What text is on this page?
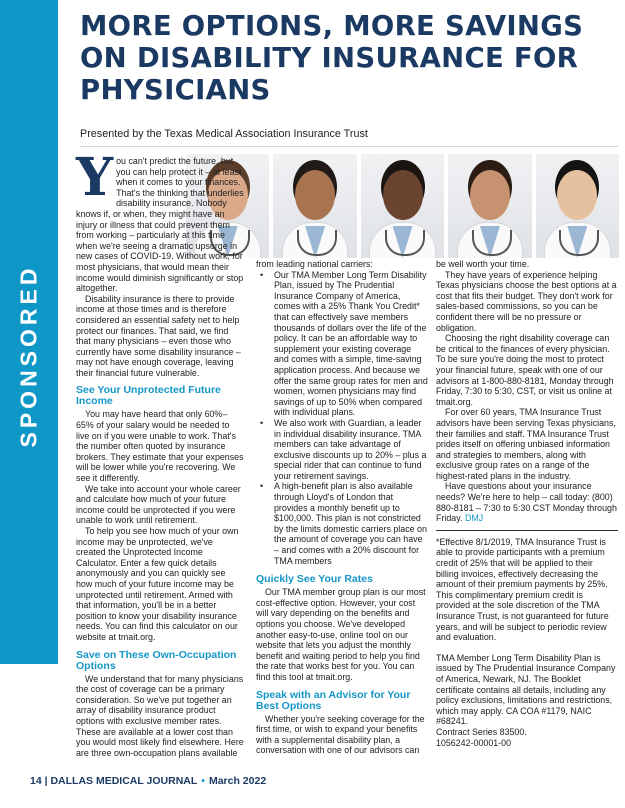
SPONSORED
MORE OPTIONS, MORE SAVINGS ON DISABILITY INSURANCE FOR PHYSICIANS
Presented by the Texas Medical Association Insurance Trust

You can't predict the future, but you can help protect it – at least when it comes to your finances. That's the thinking that underlies disability insurance. Nobody knows if, or when, they might have an injury or illness that could prevent them from working – particularly at this time when we're seeing a dramatic upsurge in new cases of COVID-19. Without work, for most physicians, that would mean their income would diminish significantly or stop altogether.

Disability insurance is there to provide income at those times and is therefore considered an essential safety net to help protect our finances. That said, we find that many physicians – even those who currently have some disability insurance – may not have enough coverage, leaving their financial future vulnerable.

See Your Unprotected Future Income

You may have heard that only 60%–65% of your salary would be needed to live on if you were unable to work. That's the number often quoted by insurance brokers. They estimate that your expenses will be lower while you're recovering. We see it differently.

We take into account your whole career and calculate how much of your future income could be unprotected if you were unable to work until retirement.

To help you see how much of your own income may be unprotected, we've created the Unprotected Income Calculator. Enter a few quick details anonymously and you can quickly see how much of your future income may be unprotected until retirement. Armed with that information, you'll be in a better position to know your disability insurance needs. You can find this calculator on our website at tmait.org.

Save on These Own-Occupation Options

We understand that for many physicians the cost of coverage can be a primary consideration. So we've put together an array of disability insurance product options with exclusive member rates. These are available at a lower cost than you would most likely find elsewhere. Here are three own-occupation plans available

from leading national carriers:

• Our TMA Member Long Term Disability Plan, issued by The Prudential Insurance Company of America, comes with a 25% Thank You Credit* that can effectively save members thousands of dollars over the life of the policy. It can be an affordable way to supplement your existing coverage and comes with a simple, time-saving application process. And because we offer the same group rates for men and women, women physicians may find savings of up to 50% when compared with individual plans.
• We also work with Guardian, a leader in individual disability insurance. TMA members can take advantage of exclusive discounts up to 20% – plus a special rider that can continue to fund your retirement savings.
• A high-benefit plan is also available through Lloyd's of London that provides a monthly benefit up to $100,000. This plan is not constricted by the limits domestic carriers place on the amount of coverage you can have – and comes with a 20% discount for TMA members
Quickly See Your Rates

Our TMA member group plan is our most cost-effective option. However, your cost will vary depending on the benefits and options you choose. We've developed another easy-to-use, online tool on our website that lets you adjust the monthly benefit and waiting period to help you find the rate that works best for you. You can find this tool at tmait.org.

Speak with an Advisor for Your Best Options

Whether you're seeking coverage for the first time, or wish to expand your benefits with a supplemental disability plan, a conversation with one of our advisors can

be well worth your time.

They have years of experience helping Texas physicians choose the best options at a cost that fits their budget. They don't work for sales-based commissions, so you can be confident there will be no pressure or obligation.

Choosing the right disability coverage can be critical to the finances of every physician. To be sure you're doing the most to protect your financial future, speak with one of our advisors at 1-800-880-8181, Monday through Friday, 7:30 to 5:30, CST, or visit us online at tmait.org.

For over 60 years, TMA Insurance Trust advisors have been serving Texas physicians, their families and staff. TMA Insurance Trust prides itself on offering unbiased information and strategies to members, along with exclusive group rates on a range of the highest-rated plans in the industry.

Have questions about your insurance needs? We're here to help – call today: (800) 880-8181 – 7:30 to 5:30 CST Monday through Friday. DMJ

*Effective 8/1/2019, TMA Insurance Trust is able to provide participants with a premium credit of 25% that will be applied to their billing invoices, effectively decreasing the amount of their premium payments by 25%. This complimentary premium credit is provided at the sole discretion of the TMA Insurance Trust, is not guaranteed for future years, and will be subject to periodic review and evaluation.

TMA Member Long Term Disability Plan is issued by The Prudential Insurance Company of America, Newark, NJ. The Booklet certificate contains all details, including any policy exclusions, limitations and restrictions, which may apply. CA COA #1179, NAIC #68241.

Contract Series 83500.

1056242-00001-00

14 | DALLAS MEDICAL JOURNAL • March 2022
